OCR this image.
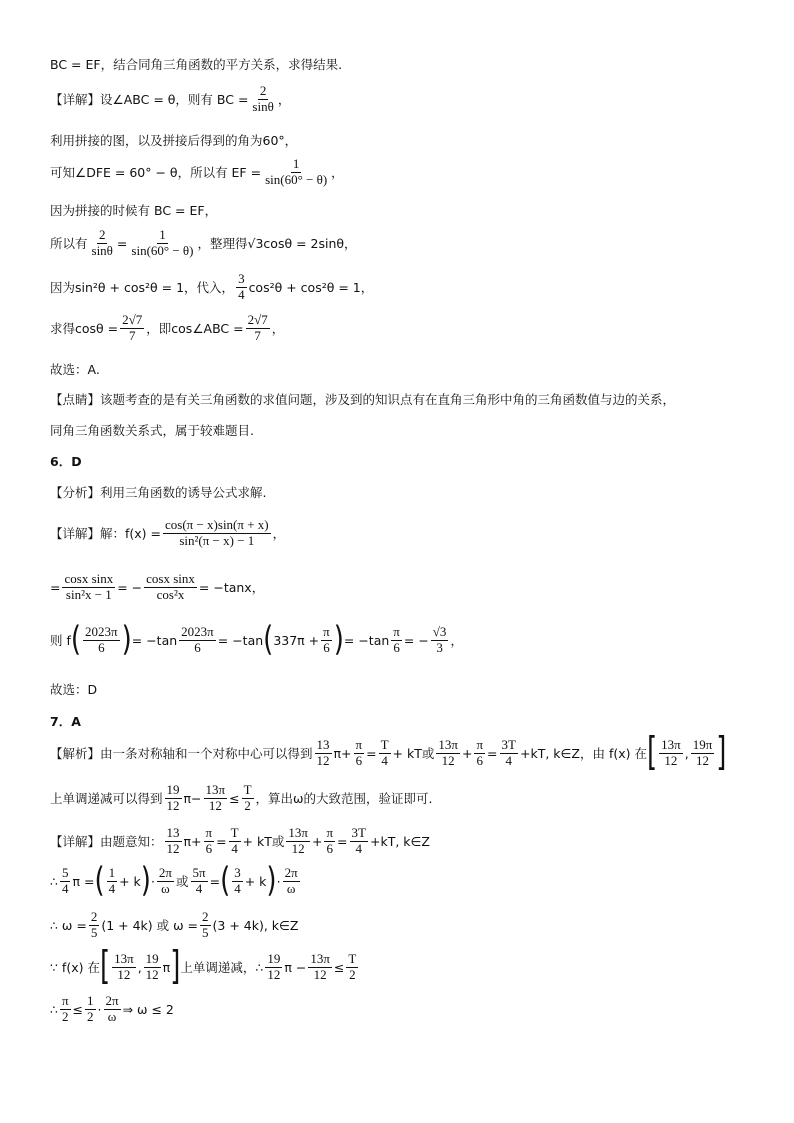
BC = EF，结合同角三角函数的平方关系，求得结果.
【详解】设∠ABC = θ，则有 BC = $\frac{2}{\sin\theta}$ ，
利用拼接的图，以及拼接后得到的角为60°，
可知∠DFE = 60° − θ，所以有 EF = $\frac{1}{\sin(60^\circ - \theta)}$ ，
因为拼接的时候有 BC = EF，
所以有 $\frac{2}{\sin\theta} = \frac{1}{\sin(60^\circ - \theta)}$ ，整理得√3cosθ = 2sinθ，
因为sin²θ + cos²θ = 1，代入， $\frac{3}{4} \cos^2\theta + \cos^2\theta = 1$，
求得$\cos\theta = \frac{2√7}{7}$ ，即cos∠ABC = $\frac{2√7}{7}$ ，
故选：A.
【点睛】该题考查的是有关三角函数的求值问题，涉及到的知识点有在直角三角形中角的三角函数值与边的关系，
同角三角函数关系式，属于较难题目.
6．D
【分析】利用三角函数的诱导公式求解.
【详解】解：$f(x) = \frac{\cos(\pi - x)\sin(\pi + x)}{\text{sin²(π − x) − 1}}$ ，
= $\frac{\text{cosx sinx}}{\text{sin²x − 1}}$ = − $\frac{\text{cosx sinx}}{\text{cos²x}} = -\tan x$，
则 f ( $\frac{2023\pi}{6}$ ) = $-\tan \frac{2023\pi}{6} = -\tan$ ( $337\pi + \frac{\pi}{6}$ ) = $-\tan \frac{\pi}{6}$ = − $\frac{√3}{3}$ ，
故选：D
7．A
【解析】由一条对称轴和一个对称中心可以得到 $\frac{13}{12}$ $\pi + \frac{\pi}{6} = \frac{T}{4}$ + kT 或 $\frac{13\pi}{12} + \frac{\pi}{6} = \frac{3T}{4}$ + kT, k∈Z，由 f(x) 在 [ $\frac{13\pi}{12}$ , $\frac{19\pi}{12}$ ]
上单调递减可以得到 $\frac{19}{12}$ $\pi - \frac{13\pi}{12} \le \frac{T}{2}$ ，算出ω的大致范围，验证即可.
【详解】由题意知： $\frac{13}{12}$ $\pi + \frac{\pi}{6} = \frac{T}{4}$ + kT 或 $\frac{13\pi}{12} + \frac{\pi}{6} = \frac{3T}{4}$ + kT, k∈Z
∴ $\frac{5}{4}$ π = ( $\frac{1}{4} + k$ ) · $\frac{2\pi}{\omega}$ 或 $\frac{5\pi}{4}$ = ( $\frac{3}{4} + k$ ) · $\frac{2\pi}{\omega}$
∴ $\omega = \frac{2}{5} (1 + 4k)$ 或 $\omega = \frac{2}{5} (3 + 4k)$, k∈Z
∵ f(x) 在 [ $\frac{13\pi}{12}$ , $\frac{19}{12}$ π ] 上单调递减，∴ $\frac{19}{12}$ $\pi - \frac{13\pi}{12} \le \frac{T}{2}$
∴ $\frac{\pi}{2} \le \frac{1}{2} \cdot \frac{2\pi}{\omega}$ ⇒ ω ≤ 2
